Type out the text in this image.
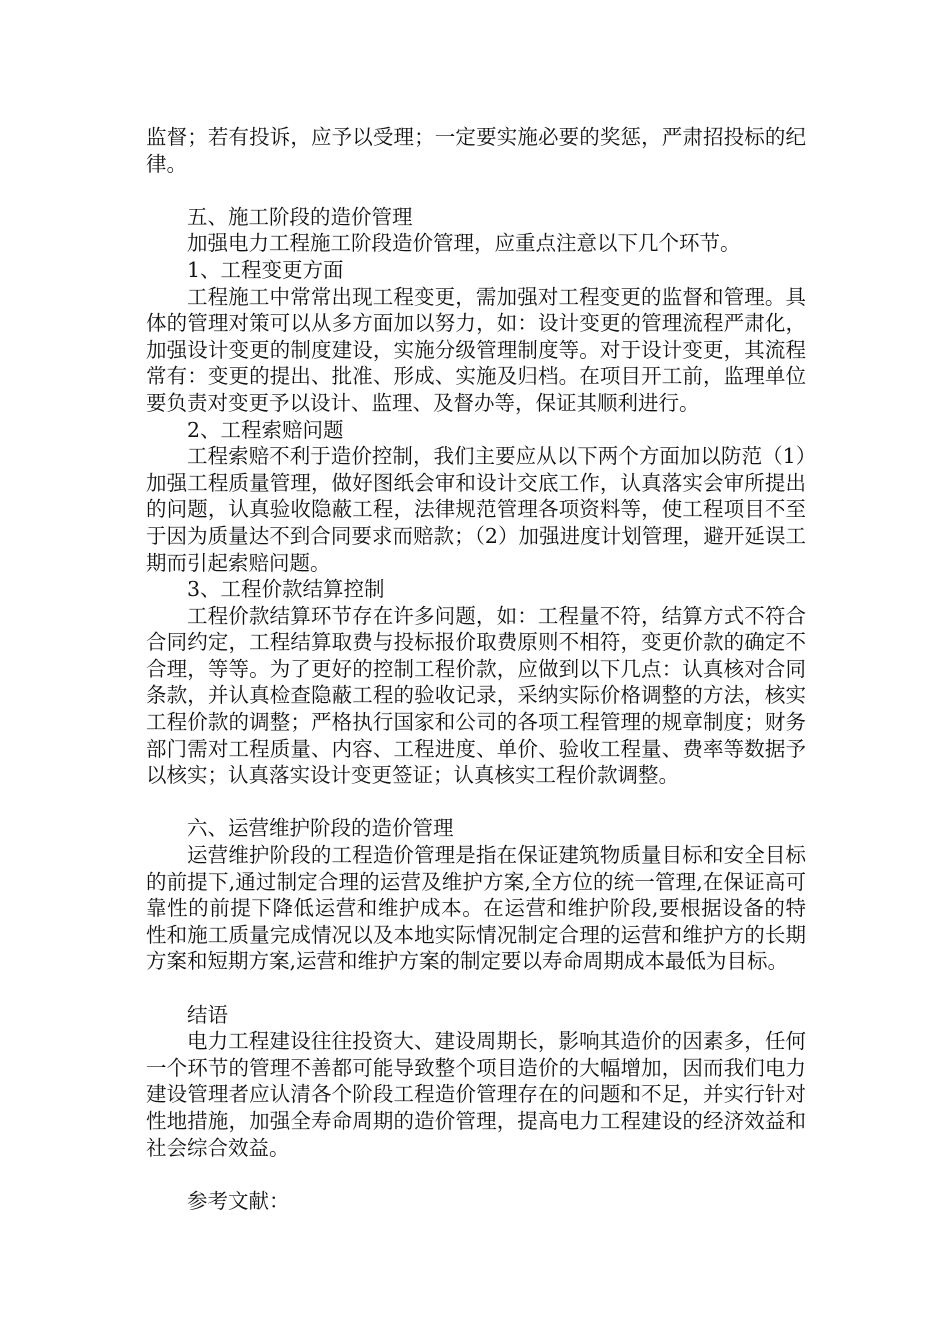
监督；若有投诉，应予以受理；一定要实施必要的奖惩，严肃招投标的纪律。

五、施工阶段的造价管理

加强电力工程施工阶段造价管理，应重点注意以下几个环节。

1、工程变更方面

工程施工中常常出现工程变更，需加强对工程变更的监督和管理。具体的管理对策可以从多方面加以努力，如：设计变更的管理流程严肃化，加强设计变更的制度建设，实施分级管理制度等。对于设计变更，其流程常有：变更的提出、批准、形成、实施及归档。在项目开工前，监理单位要负责对变更予以设计、监理、及督办等，保证其顺利进行。

2、工程索赔问题

工程索赔不利于造价控制，我们主要应从以下两个方面加以防范（1）加强工程质量管理，做好图纸会审和设计交底工作，认真落实会审所提出的问题，认真验收隐蔽工程，法律规范管理各项资料等，使工程项目不至于因为质量达不到合同要求而赔款；（2）加强进度计划管理，避开延误工期而引起索赔问题。

3、工程价款结算控制

工程价款结算环节存在许多问题，如：工程量不符，结算方式不符合合同约定，工程结算取费与投标报价取费原则不相符，变更价款的确定不合理，等等。为了更好的控制工程价款，应做到以下几点：认真核对合同条款，并认真检查隐蔽工程的验收记录，采纳实际价格调整的方法，核实工程价款的调整；严格执行国家和公司的各项工程管理的规章制度；财务部门需对工程质量、内容、工程进度、单价、验收工程量、费率等数据予以核实；认真落实设计变更签证；认真核实工程价款调整。

六、运营维护阶段的造价管理

运营维护阶段的工程造价管理是指在保证建筑物质量目标和安全目标的前提下,通过制定合理的运营及维护方案,全方位的统一管理,在保证高可靠性的前提下降低运营和维护成本。在运营和维护阶段,要根据设备的特性和施工质量完成情况以及本地实际情况制定合理的运营和维护方的长期方案和短期方案,运营和维护方案的制定要以寿命周期成本最低为目标。

结语

电力工程建设往往投资大、建设周期长，影响其造价的因素多，任何一个环节的管理不善都可能导致整个项目造价的大幅增加，因而我们电力建设管理者应认清各个阶段工程造价管理存在的问题和不足，并实行针对性地措施，加强全寿命周期的造价管理，提高电力工程建设的经济效益和社会综合效益。

参考文献：
